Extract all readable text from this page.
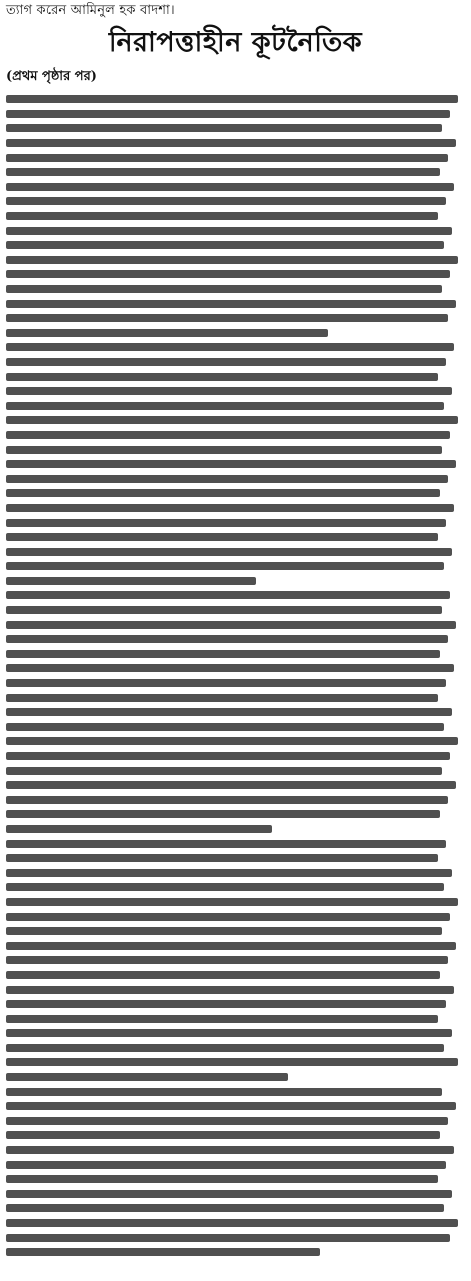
ত্যাগ করেন আমিনুল হক বাদশা।
নিরাপত্তাহীন কূটনৈতিক
(প্রথম পৃষ্ঠার পর)
